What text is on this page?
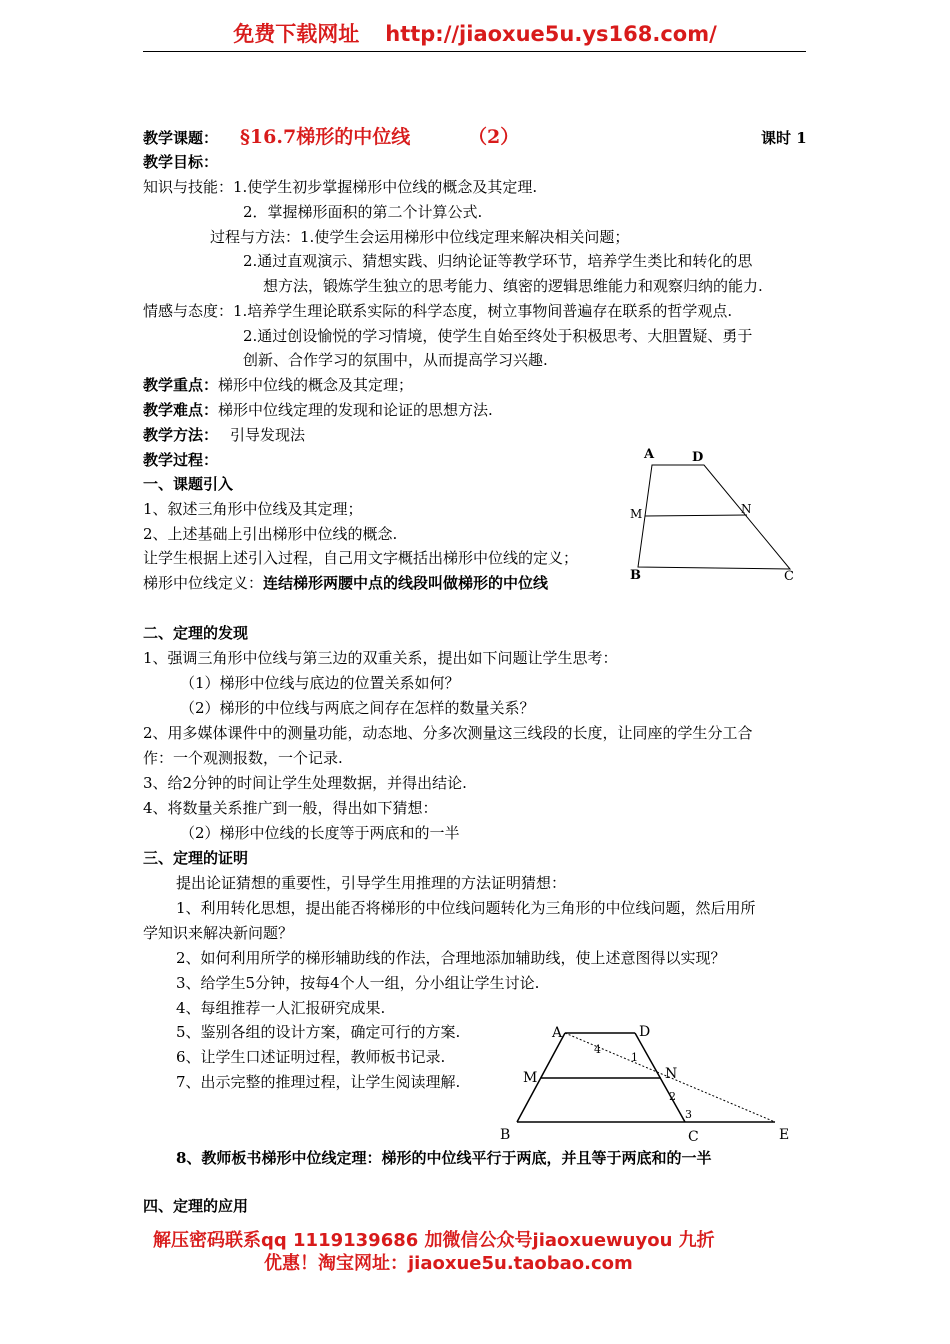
免费下载网址 http://jiaoxue5u.ys168.com/
教学课题： §16.7梯形的中位线	（2）	课时 1
教学目标：
知识与技能： 1.使学生初步掌握梯形中位线的概念及其定理.
2．掌握梯形面积的第二个计算公式.
过程与方法： 1.使学生会运用梯形中位线定理来解决相关问题；
2.通过直观演示、猜想实践、归纳论证等教学环节，培养学生类比和转化的思
想方法，锻炼学生独立的思考能力、缜密的逻辑思维能力和观察归纳的能力.
情感与态度： 1.培养学生理论联系实际的科学态度，树立事物间普遍存在联系的哲学观点.
2.通过创设愉悦的学习情境，使学生自始至终处于积极思考、大胆置疑、勇于
创新、合作学习的氛围中，从而提高学习兴趣.
教学重点：梯形中位线的概念及其定理；
教学难点：梯形中位线定理的发现和论证的思想方法.
教学方法： 引导发现法
教学过程：
一、课题引入
1、叙述三角形中位线及其定理；
2、上述基础上引出梯形中位线的概念.
让学生根据上述引入过程，自己用文字概括出梯形中位线的定义；
梯形中位线定义：连结梯形两腰中点的线段叫做梯形的中位线
A	D
M	N
B	C
二、定理的发现
1、强调三角形中位线与第三边的双重关系，提出如下问题让学生思考：
（1）梯形中位线与底边的位置关系如何？
（2）梯形的中位线与两底之间存在怎样的数量关系？
2、用多媒体课件中的测量功能，动态地、分多次测量这三线段的长度，让同座的学生分工合
作：一个观测报数，一个记录.
3、给2分钟的时间让学生处理数据，并得出结论.
4、将数量关系推广到一般，得出如下猜想：
（2）梯形中位线的长度等于两底和的一半
三、定理的证明
提出论证猜想的重要性，引导学生用推理的方法证明猜想：
1、利用转化思想，提出能否将梯形的中位线问题转化为三角形的中位线问题，然后用所
学知识来解决新问题？
2、如何利用所学的梯形辅助线的作法，合理地添加辅助线，使上述意图得以实现？
3、给学生5分钟，按每4个人一组，分小组让学生讨论.
4、每组推荐一人汇报研究成果.
5、鉴别各组的设计方案，确定可行的方案.
6、让学生口述证明过程，教师板书记录.
7、出示完整的推理过程，让学生阅读理解.
A	D
M	N
B	C	E
1
2
3
4
8、教师板书梯形中位线定理：梯形的中位线平行于两底，并且等于两底和的一半
四、定理的应用
解压密码联系qq 1119139686 加微信公众号jiaoxuewuyou 九折
优惠！淘宝网址：jiaoxue5u.taobao.com
